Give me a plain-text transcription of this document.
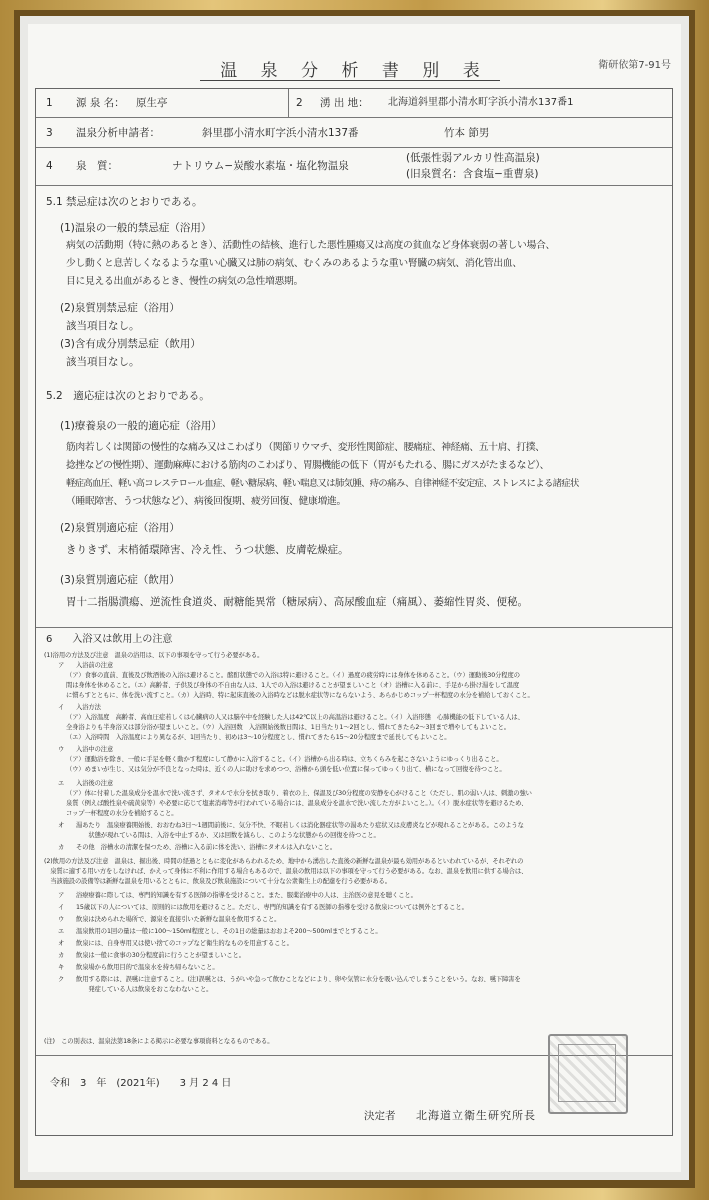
温 泉 分 析 書 別 表	衛研依第7-91号
1 源 泉 名： 原生亭	2 湧 出 地： 北海道斜里郡小清水町字浜小清水137番1
3 温泉分析申請者：	斜里郡小清水町字浜小清水137番	竹本 節男
4 泉　質：	ナトリウム−炭酸水素塩・塩化物温泉
(低張性弱アルカリ性高温泉)
(旧泉質名：含食塩−重曹泉)
5.1 禁忌症は次のとおりである。
(1)温泉の一般的禁忌症（浴用）
病気の活動期（特に熱のあるとき）、活動性の結核、進行した悪性腫瘍又は高度の貧血など身体衰弱の著しい場合、
少し動くと息苦しくなるような重い心臓又は肺の病気、むくみのあるような重い腎臓の病気、消化管出血、
目に見える出血があるとき、慢性の病気の急性増悪期。
(2)泉質別禁忌症（浴用）
該当項目なし。
(3)含有成分別禁忌症（飲用）
該当項目なし。
5.2　適応症は次のとおりである。
(1)療養泉の一般的適応症（浴用）
筋肉若しくは関節の慢性的な痛み又はこわばり（関節リウマチ、変形性関節症、腰痛症、神経痛、五十肩、打撲、
捻挫などの慢性期）、運動麻痺における筋肉のこわばり、胃腸機能の低下（胃がもたれる、腸にガスがたまるなど）、
軽症高血圧、軽い高コレステロール血症、軽い糖尿病、軽い喘息又は肺気腫、痔の痛み、自律神経不安定症、ストレスによる諸症状
（睡眠障害、うつ状態など）、病後回復期、疲労回復、健康増進。
(2)泉質別適応症（浴用）
きりきず、末梢循環障害、冷え性、うつ状態、皮膚乾燥症。
(3)泉質別適応症（飲用）
胃十二指腸潰瘍、逆流性食道炎、耐糖能異常（糖尿病）、高尿酸血症（痛風）、萎縮性胃炎、便秘。
6　　入浴又は飲用上の注意
(1)浴用の方法及び注意　温泉の浴用は、以下の事項を守って行う必要がある。
ア 入浴前の注意
（ア）食事の直前、直後及び飲酒後の入浴は避けること。酩酊状態での入浴は特に避けること。（イ）過度の疲労時には身体を休めること。（ウ）運動後30分程度の
間は身体を休めること。（エ）高齢者、子供及び身体の不自由な人は、1人での入浴は避けることが望ましいこと（オ）浴槽に入る前に、手足から掛け湯をして温度
に慣らすとともに、体を洗い流すこと。（カ）入浴時、特に起床直後の入浴時などは脱水症状等にならないよう、あらかじめコップ一杯程度の水分を補給しておくこと。
イ 入浴方法
（ア）入浴温度　高齢者、高血圧症若しくは心臓病の人又は脳卒中を経験した人は42℃以上の高温浴は避けること。（イ）入浴形態　心肺機能の低下している人は、
全身浴よりも半身浴又は部分浴が望ましいこと。（ウ）入浴回数　入浴開始後数日間は、1日当たり1〜2回とし、慣れてきたら2〜3回まで増やしてもよいこと。
（エ）入浴時間　入浴温度により異なるが、1回当たり、初めは3〜10分程度とし、慣れてきたら15〜20分程度まで延長してもよいこと。
ウ 入浴中の注意
（ア）運動浴を除き、一般に手足を軽く動かす程度にして静かに入浴すること。（イ）浴槽から出る時は、立ちくらみを起こさないようにゆっくり出ること。
（ウ）めまいが生じ、又は気分が不良となった時は、近くの人に助けを求めつつ、浴槽から頭を低い位置に保ってゆっくり出て、横になって回復を待つこと。
エ 入浴後の注意
（ア）体に付着した温泉成分を温水で洗い流さず、タオルで水分を拭き取り、着衣の上、保温及び30分程度の安静を心がけること（ただし、肌の弱い人は、刺激の強い
泉質（例えば酸性泉や硫黄泉等）や必要に応じて塩素消毒等が行われている場合には、温泉成分を温水で洗い流した方がよいこと。）。（イ）脱水症状等を避けるため、
コップ一杯程度の水分を補給すること。
オ 湯あたり　温泉療養開始後、おおむね3日〜1週間前後に、気分不快、不眠若しくは消化器症状等の湯あたり症状又は皮膚炎などが現れることがある。このような
　　状態が現れている間は、入浴を中止するか、又は回数を減らし、このような状態からの回復を待つこと。
カ その他　浴槽水の清潔を保つため、浴槽に入る前に体を洗い、浴槽にタオルは入れないこと。
(2)飲用の方法及び注意　温泉は、掘出後、時間の経過とともに変化があらわれるため、地中から湧出した直後の新鮮な温泉が最も効用があるといわれているが、それぞれの
　泉質に適する用い方をしなければ、かえって身体に不利に作用する場合もあるので、温泉の飲用は以下の事項を守って行う必要がある。なお、温泉を飲用に供する場合は、
　当該施設の設備等は新鮮な温泉を用いるとともに、飲泉及び飲泉施設について十分な公衆衛生上の配慮を行う必要がある。
ア 浴療療養に際しては、専門的知識を有する医師の指導を受けること。また、服薬治療中の人は、主治医の意見を聴くこと。
イ 15歳以下の人については、原則的には飲用を避けること。ただし、専門的知識を有する医師の指導を受ける飲泉については例外とすること。
ウ 飲泉は決められた場所で、源泉を直接引いた新鮮な温泉を飲用すること。
エ 温泉飲用の1回の量は一般に100〜150ml程度とし、その1日の総量はおおよそ200〜500mlまでとすること。
オ 飲泉には、自身専用又は使い捨てのコップなど衛生的なものを用意すること。
カ 飲泉は一般に食事の30分程度前に行うことが望ましいこと。
キ 飲泉場から飲用目的で温泉水を持ち帰らないこと。
ク 飲用する際には、誤嚥に注意すること。(注)誤嚥とは、うがいや急って飲むことなどにより、卵や気管に水分を吸い込んでしまうことをいう。なお、嚥下障害を
　　発症している人は飲泉をおこなわないこと。
(注)　この別表は、温泉法第18条による掲示に必要な事項資料となるものである。
令和　3　年　(2021年)　　3 月 2 4 日
決定者 北海道立衛生研究所長
